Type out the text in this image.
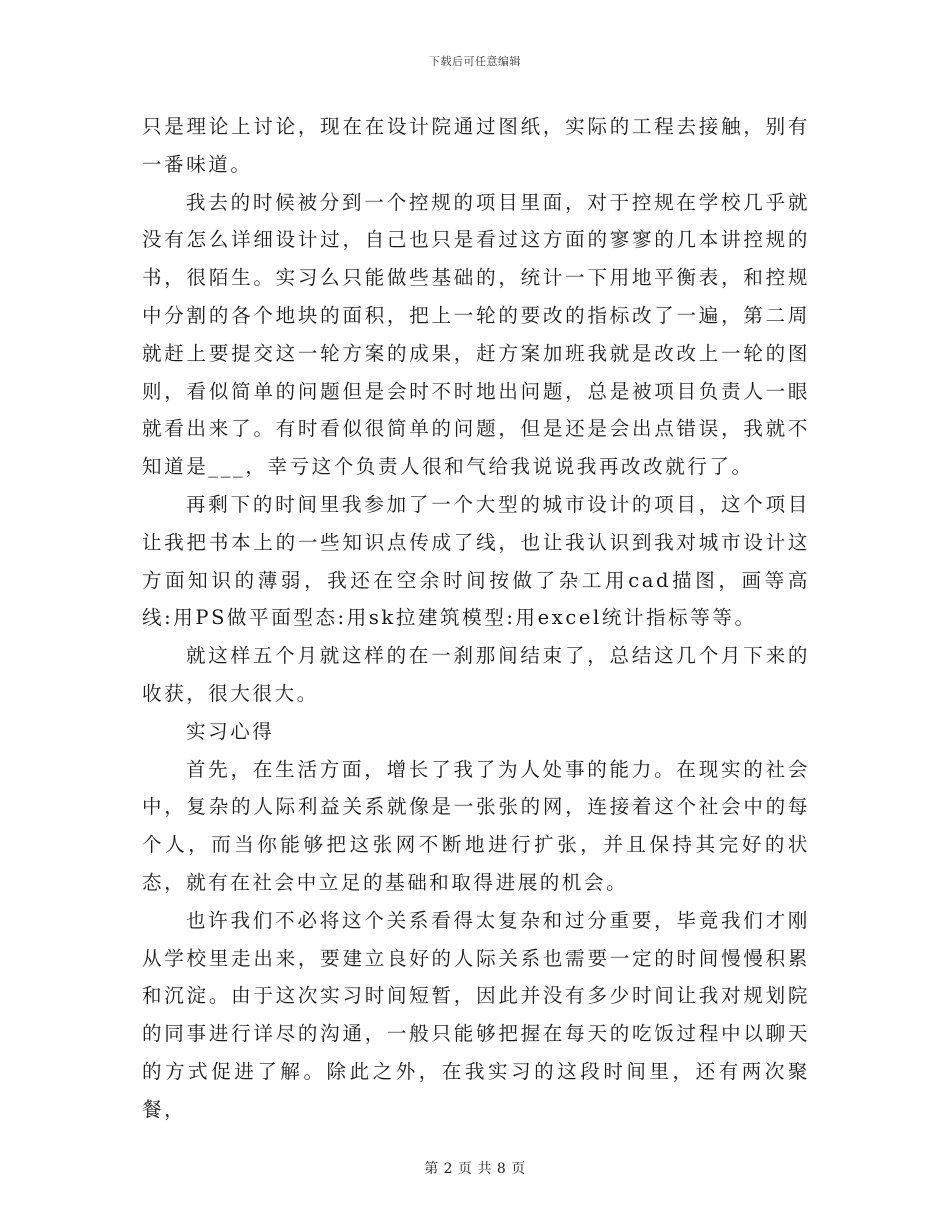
下载后可任意编辑

只是理论上讨论，现在在设计院通过图纸，实际的工程去接触，别有一番味道。

我去的时候被分到一个控规的项目里面，对于控规在学校几乎就没有怎么详细设计过，自己也只是看过这方面的寥寥的几本讲控规的书，很陌生。实习么只能做些基础的，统计一下用地平衡表，和控规中分割的各个地块的面积，把上一轮的要改的指标改了一遍，第二周就赶上要提交这一轮方案的成果，赶方案加班我就是改改上一轮的图则，看似简单的问题但是会时不时地出问题，总是被项目负责人一眼就看出来了。有时看似很简单的问题，但是还是会出点错误，我就不知道是___，幸亏这个负责人很和气给我说说我再改改就行了。

再剩下的时间里我参加了一个大型的城市设计的项目，这个项目让我把书本上的一些知识点传成了线，也让我认识到我对城市设计这方面知识的薄弱，我还在空余时间按做了杂工用cad描图，画等高线:用PS做平面型态:用sk拉建筑模型:用excel统计指标等等。

就这样五个月就这样的在一刹那间结束了，总结这几个月下来的收获，很大很大。

实习心得

首先，在生活方面，增长了我了为人处事的能力。在现实的社会中，复杂的人际利益关系就像是一张张的网，连接着这个社会中的每个人，而当你能够把这张网不断地进行扩张，并且保持其完好的状态，就有在社会中立足的基础和取得进展的机会。

也许我们不必将这个关系看得太复杂和过分重要，毕竟我们才刚从学校里走出来，要建立良好的人际关系也需要一定的时间慢慢积累和沉淀。由于这次实习时间短暂，因此并没有多少时间让我对规划院的同事进行详尽的沟通，一般只能够把握在每天的吃饭过程中以聊天的方式促进了解。除此之外，在我实习的这段时间里，还有两次聚餐，

第 2 页 共 8 页
